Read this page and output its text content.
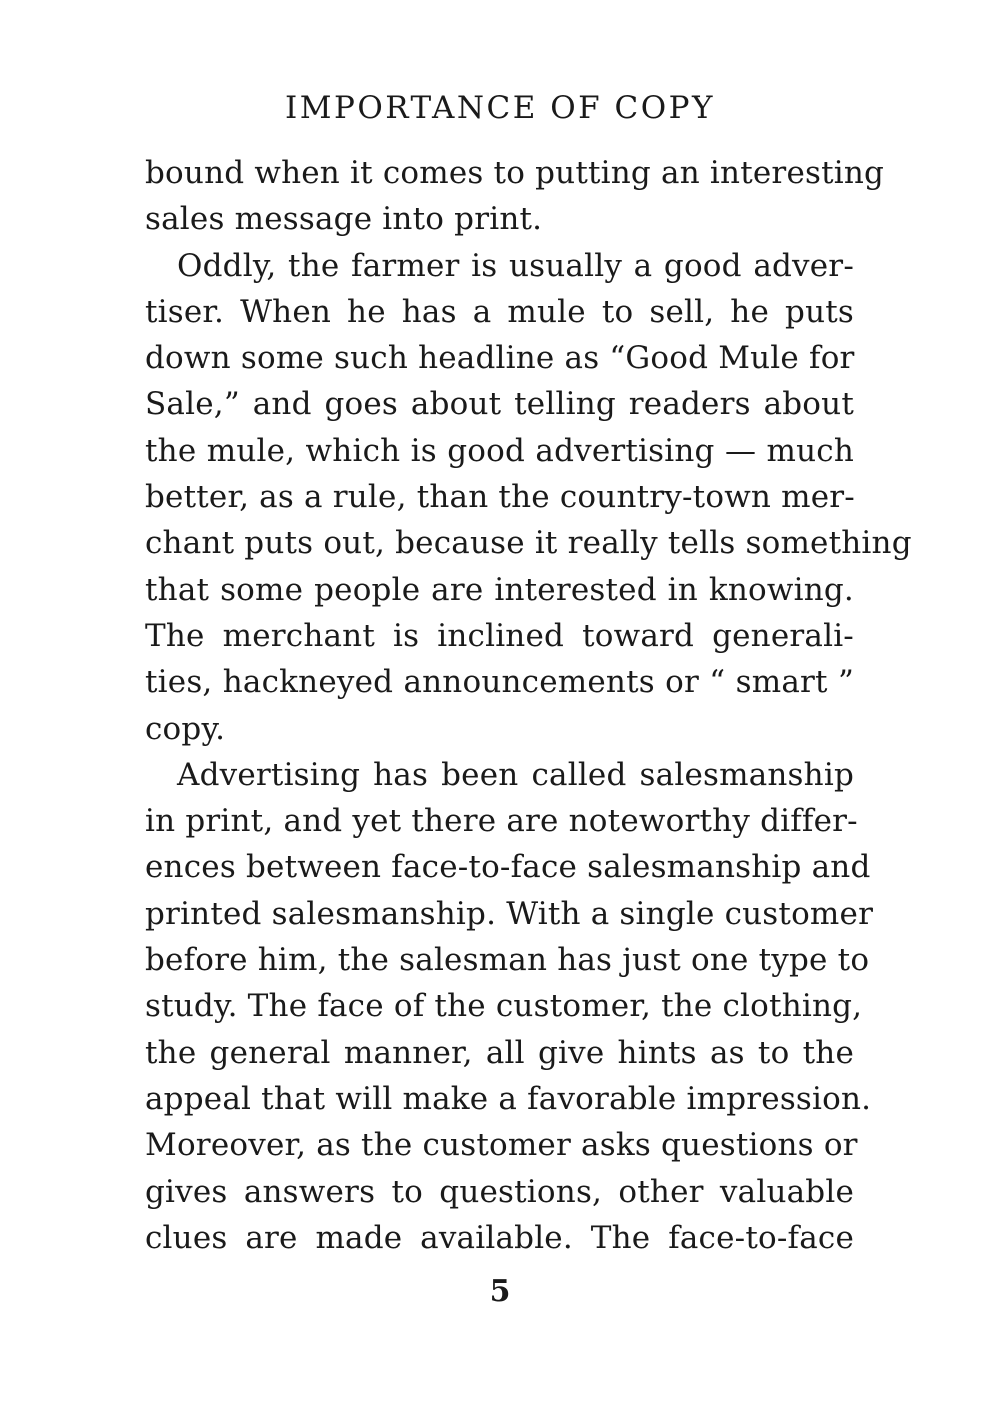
IMPORTANCE OF COPY
bound when it comes to putting an interesting
sales message into print.
Oddly, the farmer is usually a good adver-
tiser. When he has a mule to sell, he puts
down some such headline as “Good Mule for
Sale,” and goes about telling readers about
the mule, which is good advertising — much
better, as a rule, than the country-town mer-
chant puts out, because it really tells something
that some people are interested in knowing.
The merchant is inclined toward generali-
ties, hackneyed announcements or “ smart ”
copy.
Advertising has been called salesmanship
in print, and yet there are noteworthy differ-
ences between face-to-face salesmanship and
printed salesmanship. With a single customer
before him, the salesman has just one type to
study. The face of the customer, the clothing,
the general manner, all give hints as to the
appeal that will make a favorable impression.
Moreover, as the customer asks questions or
gives answers to questions, other valuable
clues are made available. The face-to-face
5
